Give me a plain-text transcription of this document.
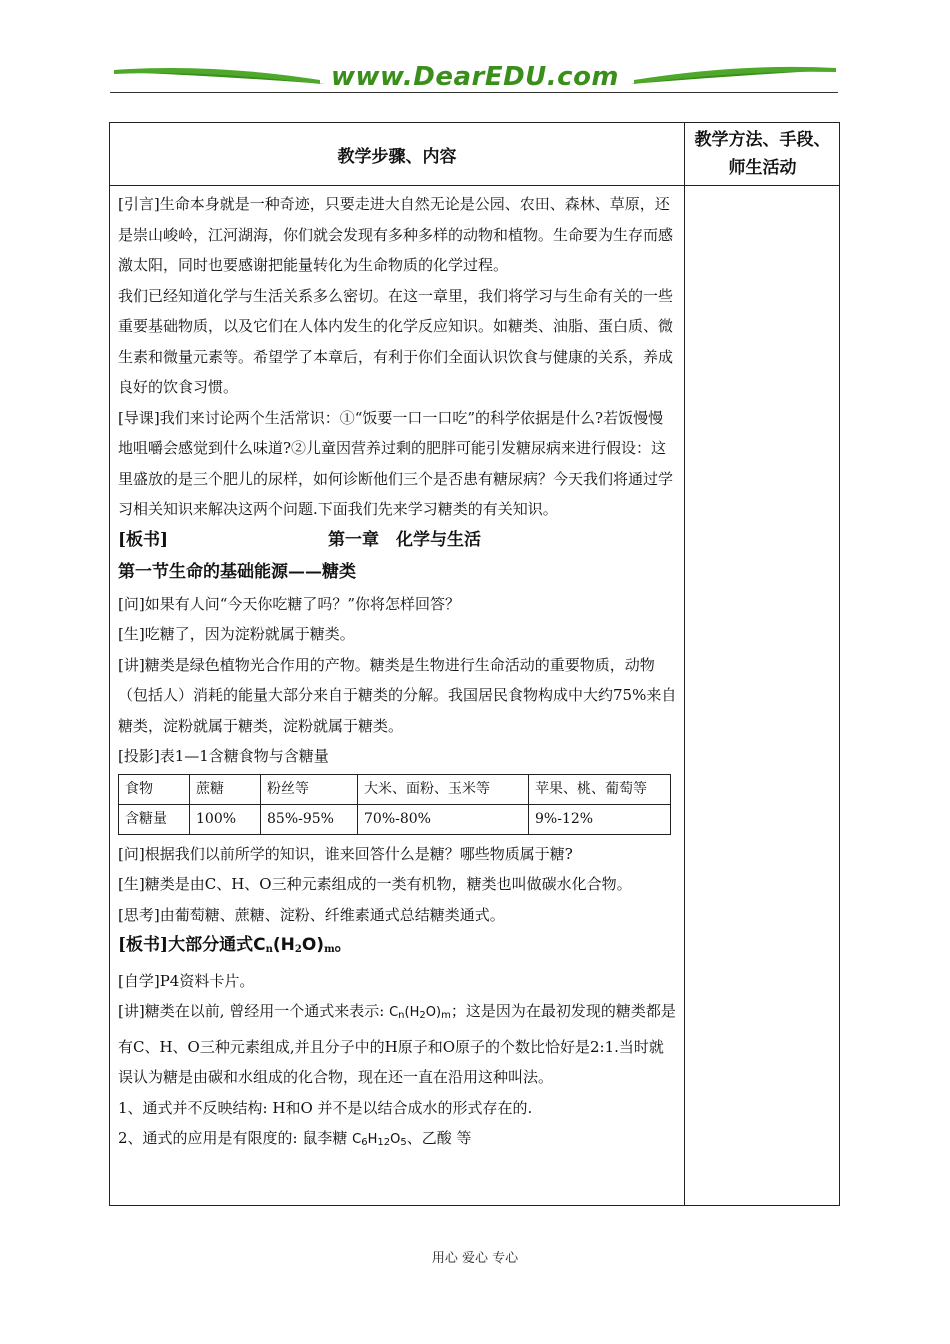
www.DearEDU.com
教学步骤、内容
教学方法、手段、
师生活动

[引言]生命本身就是一种奇迹，只要走进大自然无论是公园、农田、森林、草原，还是崇山峻岭，江河湖海，你们就会发现有多种多样的动物和植物。生命要为生存而感激太阳，同时也要感谢把能量转化为生命物质的化学过程。

我们已经知道化学与生活关系多么密切。在这一章里，我们将学习与生命有关的一些重要基础物质，以及它们在人体内发生的化学反应知识。如糖类、油脂、蛋白质、微生素和微量元素等。希望学了本章后，有利于你们全面认识饮食与健康的关系，养成良好的饮食习惯。

[导课]我们来讨论两个生活常识：①“饭要一口一口吃”的科学依据是什么?若饭慢慢地咀嚼会感觉到什么味道?②儿童因营养过剩的肥胖可能引发糖尿病来进行假设：这里盛放的是三个肥儿的尿样，如何诊断他们三个是否患有糖尿病？今天我们将通过学习相关知识来解决这两个问题.下面我们先来学习糖类的有关知识。

[板书]	第一章　化学与生活
第一节生命的基础能源——糖类

[问]如果有人问“今天你吃糖了吗？”你将怎样回答？

[生]吃糖了，因为淀粉就属于糖类。

[讲]糖类是绿色植物光合作用的产物。糖类是生物进行生命活动的重要物质，动物（包括人）消耗的能量大部分来自于糖类的分解。我国居民食物构成中大约75%来自糖类，淀粉就属于糖类，淀粉就属于糖类。

[投影]表1—1含糖食物与含糖量

食物	蔗糖	粉丝等	大米、面粉、玉米等	苹果、桃、葡萄等
含糖量	100%	85%-95%	70%-80%	9%-12%

[问]根据我们以前所学的知识，谁来回答什么是糖？哪些物质属于糖?

[生]糖类是由C、H、O三种元素组成的一类有机物，糖类也叫做碳水化合物。

[思考]由葡萄糖、蔗糖、淀粉、纤维素通式总结糖类通式。

[板书]大部分通式$C_n(H_2O)_m$。

[自学]P4资料卡片。

[讲]糖类在以前, 曾经用一个通式来表示: $C_n(H_2O)_m$；这是因为在最初发现的糖类都是有C、H、O三种元素组成,并且分子中的H原子和O原子的个数比恰好是2:1.当时就误认为糖是由碳和水组成的化合物，现在还一直在沿用这种叫法。

1、通式并不反映结构: H和O 并不是以结合成水的形式存在的.

2、通式的应用是有限度的: 鼠李糖 $C_6H_{12}O_5$、乙酸 等

用心 爱心 专心
